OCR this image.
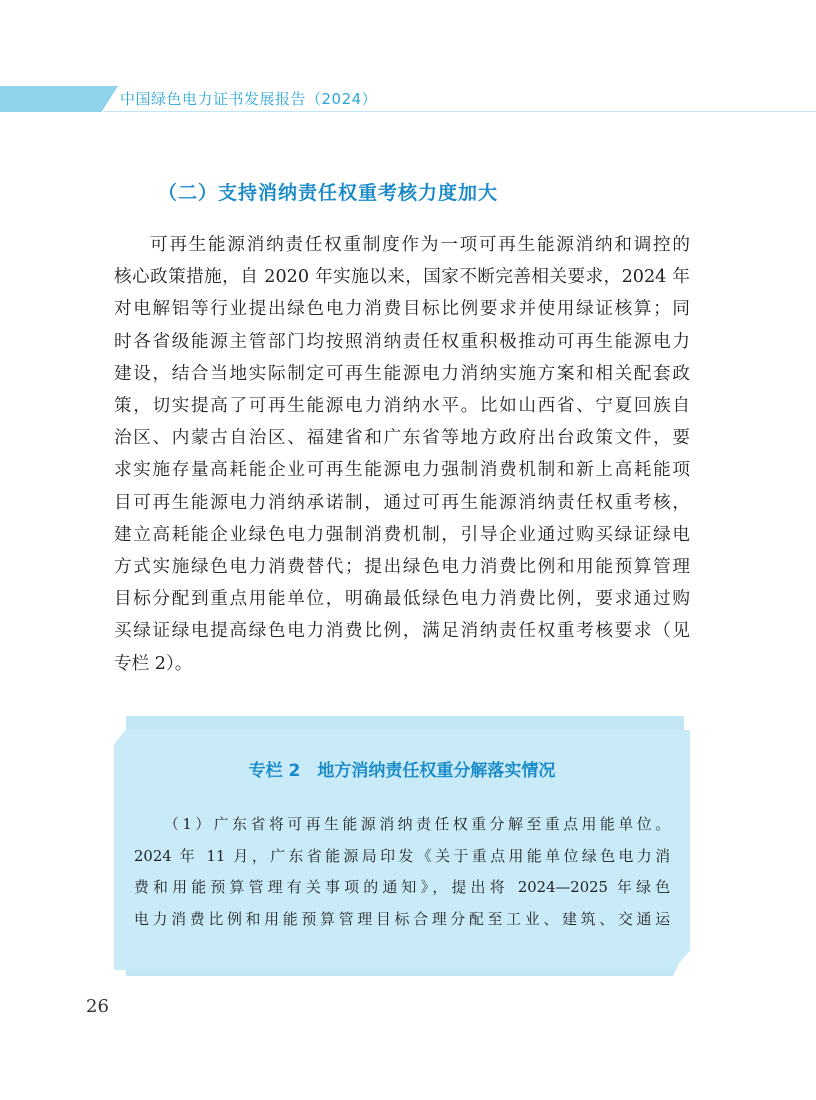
中国绿色电力证书发展报告（2024）
（二）支持消纳责任权重考核力度加大
可再生能源消纳责任权重制度作为一项可再生能源消纳和调控的
核心政策措施，自 2020 年实施以来，国家不断完善相关要求，2024 年
对电解铝等行业提出绿色电力消费目标比例要求并使用绿证核算；同
时各省级能源主管部门均按照消纳责任权重积极推动可再生能源电力
建设，结合当地实际制定可再生能源电力消纳实施方案和相关配套政
策，切实提高了可再生能源电力消纳水平。比如山西省、宁夏回族自
治区、内蒙古自治区、福建省和广东省等地方政府出台政策文件，要
求实施存量高耗能企业可再生能源电力强制消费机制和新上高耗能项
目可再生能源电力消纳承诺制，通过可再生能源消纳责任权重考核，
建立高耗能企业绿色电力强制消费机制，引导企业通过购买绿证绿电
方式实施绿色电力消费替代；提出绿色电力消费比例和用能预算管理
目标分配到重点用能单位，明确最低绿色电力消费比例，要求通过购
买绿证绿电提高绿色电力消费比例，满足消纳责任权重考核要求（见
专栏 2）。
专栏 2　地方消纳责任权重分解落实情况
（1）广东省将可再生能源消纳责任权重分解至重点用能单位。
2024 年 11 月，广东省能源局印发《关于重点用能单位绿色电力消
费和用能预算管理有关事项的通知》，提出将 2024—2025 年绿色
电力消费比例和用能预算管理目标合理分配至工业、建筑、交通运
26
